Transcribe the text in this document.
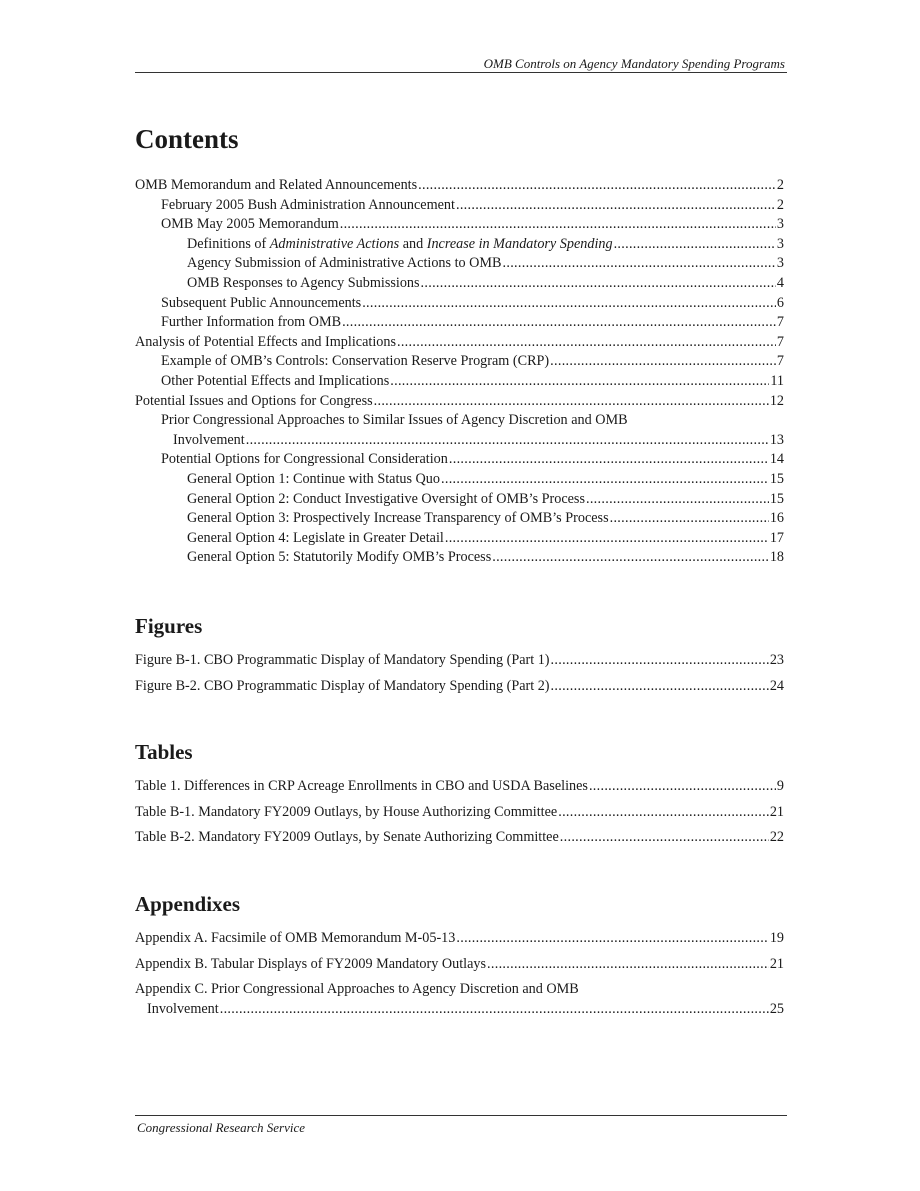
OMB Controls on Agency Mandatory Spending Programs
Contents
OMB Memorandum and Related Announcements .....	2
February 2005 Bush Administration Announcement .....	2
OMB May 2005 Memorandum .....	3
Definitions of Administrative Actions and Increase in Mandatory Spending .....	3
Agency Submission of Administrative Actions to OMB .....	3
OMB Responses to Agency Submissions .....	4
Subsequent Public Announcements .....	6
Further Information from OMB .....	7
Analysis of Potential Effects and Implications .....	7
Example of OMB’s Controls: Conservation Reserve Program (CRP) .....	7
Other Potential Effects and Implications .....	11
Potential Issues and Options for Congress .....	12
Prior Congressional Approaches to Similar Issues of Agency Discretion and OMB
Involvement .....	13
Potential Options for Congressional Consideration .....	14
General Option 1: Continue with Status Quo .....	15
General Option 2: Conduct Investigative Oversight of OMB’s Process .....	15
General Option 3: Prospectively Increase Transparency of OMB’s Process .....	16
General Option 4: Legislate in Greater Detail .....	17
General Option 5: Statutorily Modify OMB’s Process .....	18
Figures
Figure B-1. CBO Programmatic Display of Mandatory Spending (Part 1) .....	23
Figure B-2. CBO Programmatic Display of Mandatory Spending (Part 2) .....	24
Tables
Table 1. Differences in CRP Acreage Enrollments in CBO and USDA Baselines .....	9
Table B-1. Mandatory FY2009 Outlays, by House Authorizing Committee .....	21
Table B-2. Mandatory FY2009 Outlays, by Senate Authorizing Committee .....	22
Appendixes
Appendix A. Facsimile of OMB Memorandum M-05-13 .....	19
Appendix B. Tabular Displays of FY2009 Mandatory Outlays .....	21
Appendix C. Prior Congressional Approaches to Agency Discretion and OMB
Involvement .....	25
Congressional Research Service
